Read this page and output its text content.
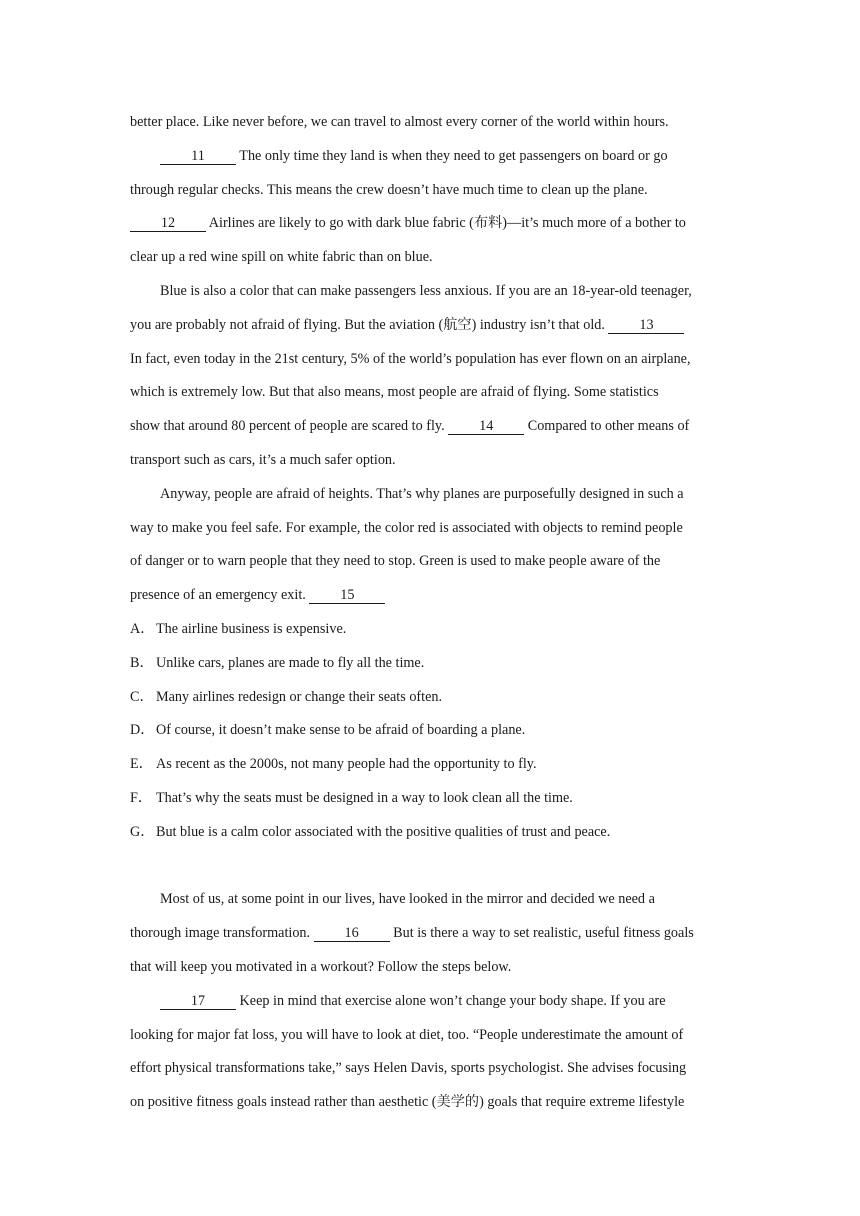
better place. Like never before, we can travel to almost every corner of the world within hours.
11 The only time they land is when they need to get passengers on board or go
through regular checks. This means the crew doesn’t have much time to clean up the plane.
12 Airlines are likely to go with dark blue fabric (布料)—it’s much more of a bother to
clear up a red wine spill on white fabric than on blue.
Blue is also a color that can make passengers less anxious. If you are an 18-year-old teenager,
you are probably not afraid of flying. But the aviation (航空) industry isn’t that old. 13
In fact, even today in the 21st century, 5% of the world’s population has ever flown on an airplane,
which is extremely low. But that also means, most people are afraid of flying. Some statistics
show that around 80 percent of people are scared to fly. 14 Compared to other means of
transport such as cars, it’s a much safer option.
Anyway, people are afraid of heights. That’s why planes are purposefully designed in such a
way to make you feel safe. For example, the color red is associated with objects to remind people
of danger or to warn people that they need to stop. Green is used to make people aware of the
presence of an emergency exit. 15
A． The airline business is expensive.
B． Unlike cars, planes are made to fly all the time.
C． Many airlines redesign or change their seats often.
D． Of course, it doesn’t make sense to be afraid of boarding a plane.
E． As recent as the 2000s, not many people had the opportunity to fly.
F． That’s why the seats must be designed in a way to look clean all the time.
G． But blue is a calm color associated with the positive qualities of trust and peace.
Most of us, at some point in our lives, have looked in the mirror and decided we need a
thorough image transformation. 16 But is there a way to set realistic, useful fitness goals
that will keep you motivated in a workout? Follow the steps below.
17 Keep in mind that exercise alone won’t change your body shape. If you are
looking for major fat loss, you will have to look at diet, too. “People underestimate the amount of
effort physical transformations take,” says Helen Davis, sports psychologist. She advises focusing
on positive fitness goals instead rather than aesthetic (美学的) goals that require extreme lifestyle
